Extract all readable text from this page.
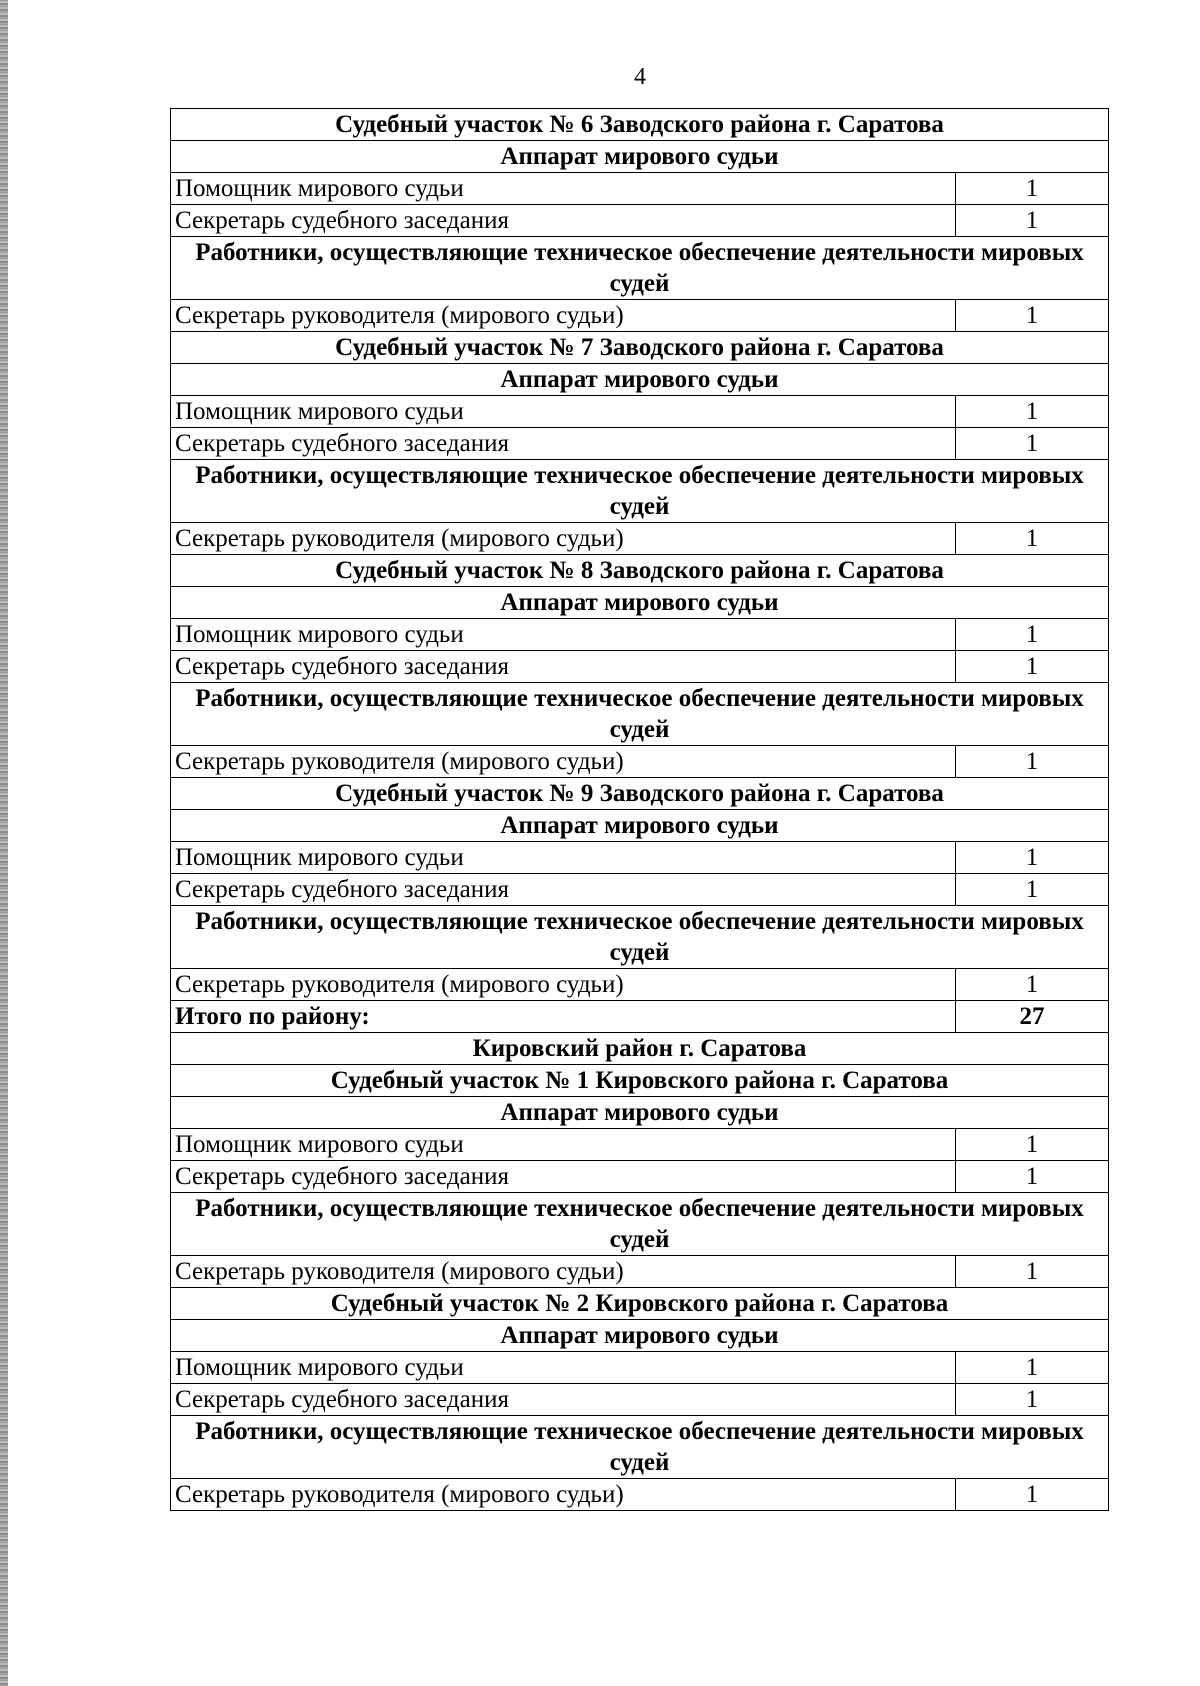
4
Судебный участок № 6 Заводского района г. Саратова	
Аппарат мирового судьи	
Помощник мирового судьи	1
Секретарь судебного заседания	1
Работники, осуществляющие техническое обеспечение деятельности мировых судей	
Секретарь руководителя (мирового судьи)	1
Судебный участок № 7 Заводского района г. Саратова	
Аппарат мирового судьи	
Помощник мирового судьи	1
Секретарь судебного заседания	1
Работники, осуществляющие техническое обеспечение деятельности мировых судей	
Секретарь руководителя (мирового судьи)	1
Судебный участок № 8 Заводского района г. Саратова	
Аппарат мирового судьи	
Помощник мирового судьи	1
Секретарь судебного заседания	1
Работники, осуществляющие техническое обеспечение деятельности мировых судей	
Секретарь руководителя (мирового судьи)	1
Судебный участок № 9 Заводского района г. Саратова	
Аппарат мирового судьи	
Помощник мирового судьи	1
Секретарь судебного заседания	1
Работники, осуществляющие техническое обеспечение деятельности мировых судей	
Секретарь руководителя (мирового судьи)	1
Итого по району:	27
Кировский район г. Саратова	
Судебный участок № 1 Кировского района г. Саратова	
Аппарат мирового судьи	
Помощник мирового судьи	1
Секретарь судебного заседания	1
Работники, осуществляющие техническое обеспечение деятельности мировых судей	
Секретарь руководителя (мирового судьи)	1
Судебный участок № 2 Кировского района г. Саратова	
Аппарат мирового судьи	
Помощник мирового судьи	1
Секретарь судебного заседания	1
Работники, осуществляющие техническое обеспечение деятельности мировых судей	
Секретарь руководителя (мирового судьи)	1
